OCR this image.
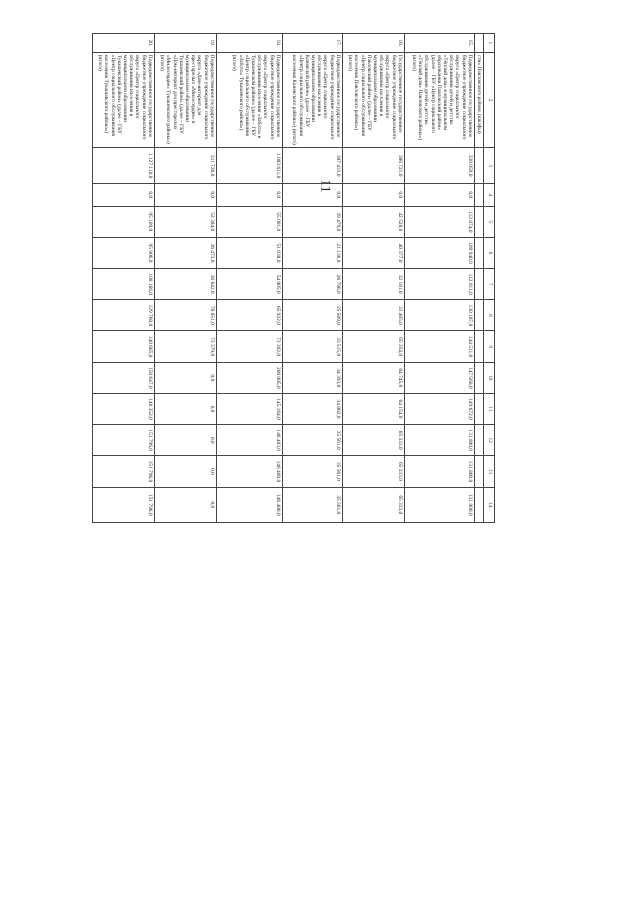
11
1	2	3	4	5	6	7	8	9	10	11	12	13	14
	сти» Павловского района (шкафы)												
15.	Подведомственное государственное бюджетное учреждение социального округа «Центр социального обслуживания детей и детства «Тёплый дом» в муниципальном образовании Павловский район» (далее – ГБУ «Центр социального обслуживания детей и детства «Тёплый дом» Павловского района») (итого)	330 059,0	0,0	112 874,0	109 940,0	112 811,0	130 187,0	144 511,0	147 568,0	149 672,0	131 800,0	131 800,0	131 800,0
16.	Государственное государственное бюджетное учреждение социального округа «Центр социального обслуживания населения в муниципальном образовании Павловский район» (далее – ГБУ «Центр социального обслуживания населения Павловского района») (итого)	386 721,0	0,0	42 528,0	40 377,0	32 181,0	33 465,0	65 354,0	64 745,0	64 154,0	65 333,0	65 333,0	65 333,0
17.	Подведомственное государственное бюджетное учреждение социального округа «Центр социального обслуживания населения в муниципальном образовании Каневской район» (далее – ГБУ «Центр социального обслуживания населения Каневского района») (итого)	307 433,0	0,0	39 479,0	21 136,0	26 796,0	25 509,0	33 515,0	34 393,0	34 862,0	35 561,0	35 561,0	35 561,0
18.	Подведомственное государственное бюджетное учреждение социального округа «Центр социального обслуживания населения «Забота» в Тукашевском районе» (далее – ГБУ «Центр социального обслуживания «Забота» Тукашевского района») (итого)	1 083 611,0	0,0	55 001,0	51 038,0	54 005,0	65 922,0	73 302,0	200 085,0	145 164,0	146 483,0	146 480,0	146 480,0
19.	Подведомственное государственное бюджетное учреждение социального округа «Дом-интернат для престарелых «Милосердие» в муниципальном образовании Тукашевский район» (далее – ГБУ «Дом-интернат для престарелых «Милосердие» Тукашевского района») (итого)	311 726,0	0,0	52 384,0	36 473,0	36 642,0	70 651,0	73 379,0	0,0	0,0	0,0	0,0	0,0
20.	Подведомственное государственное бюджетное учреждение социального округа «Центр социального обслуживания населения в муниципальном образовании Тукашевский район» (далее – ГБУ «Центр социального обслуживания населения Тукашевского района») (итого)	1 127 110,0	0,0	95 109,0	95 906,0	108 166,0	129 760,0	140 665,0	150 647,0	148 352,0	151 796,0	151 796,0	151 796,0
